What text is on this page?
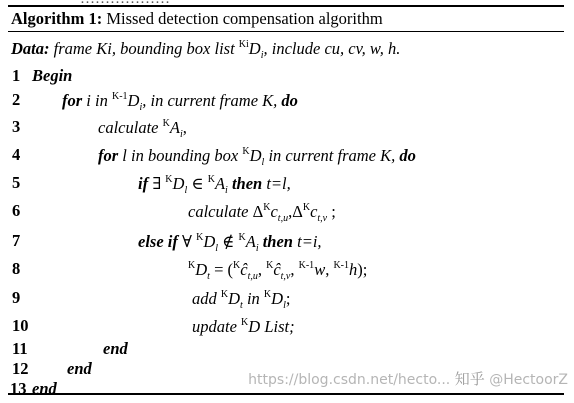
Algorithm 1: Missed detection compensation algorithm
Data: frame Ki, bounding box list $^{Ki}D_i$, include cu, cv, w, h.
1
2
3
4
5
6
7
8
9
10
11
12
13
Begin
for i in $^{K-1}D_i$, in current frame K, do
calculate $^KA_i$,
for l in bounding box $^KD_l$ in current frame K, do
if ∃ $^KD_l$ ∈ $^KA_i$ then t=l,
calculate $\Delta^Kc_{t,u},\Delta^Kc_{t,v}$ ;
else if ∀ $^KD_l$ ∉ $^KA_i$ then t=i,
$^KD_t$ = ($^Kĉ_{t,u}$, $^Kĉ_{t,v}$, $^{K-1}$w, $^{K-1}$h);
add $^KD_t$ in $^KD_l$;
update $^K$D List;
end
end
end	https://blog.csdn.net/hecto... 知乎 @HectoorZ
